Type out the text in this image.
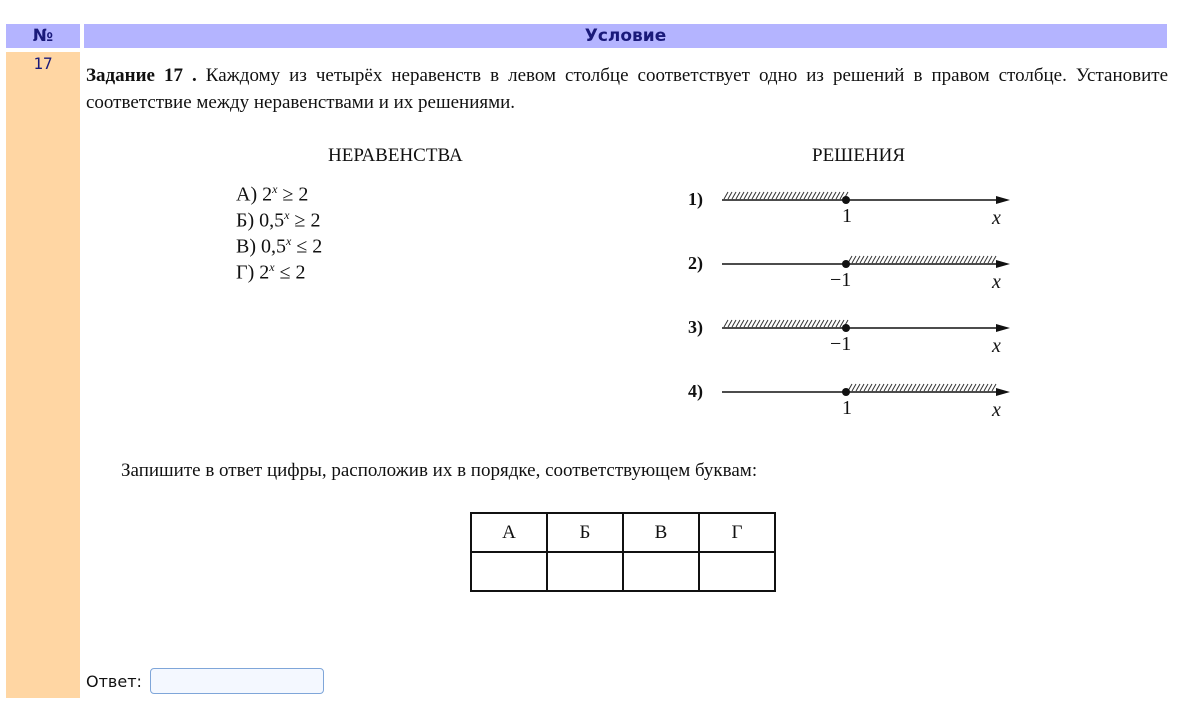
№	Условие
17
Задание 17 . Каждому из четырёх неравенств в левом столбце соответствует одно из решений в правом столбце. Установите соответствие между неравенствами и их решениями.
НЕРАВЕНСТВА	РЕШЕНИЯ
А) $2^x \ge 2$
Б) $0,5^x \ge 2$
В) $0,5^x \le 2$
Г) $2^x \le 2$
1)
1	x
2)
−1	x
3)
−1	x
4)
1	x
Запишите в ответ цифры, расположив их в порядке, соответствующем буквам:
А	Б	В	Г

Ответ:
